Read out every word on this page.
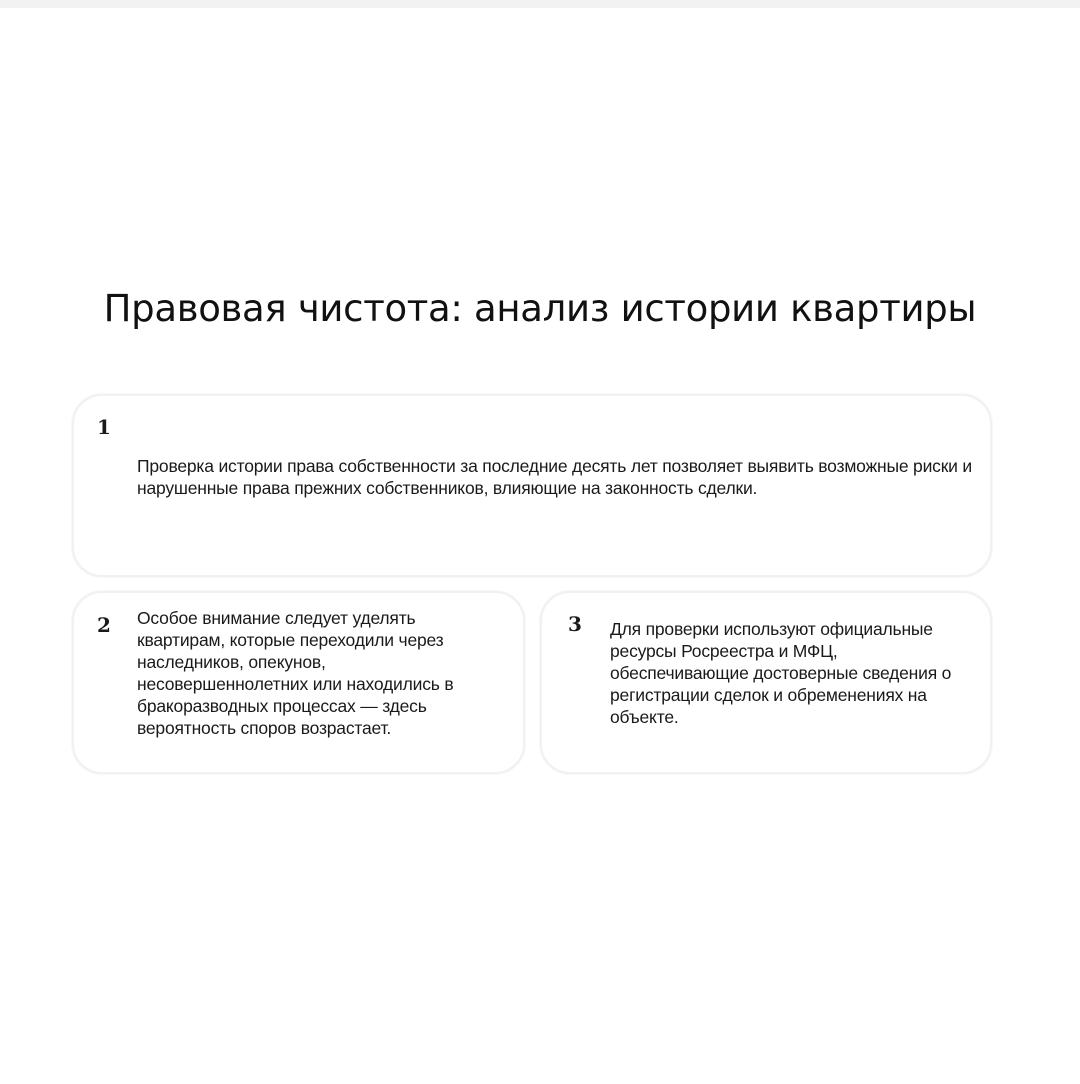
Правовая чистота: анализ истории квартиры
1
Проверка истории права собственности за последние десять лет позволяет выявить возможные риски и нарушенные права прежних собственников, влияющие на законность сделки.
2 Особое внимание следует уделять квартирам, которые переходили через наследников, опекунов, несовершеннолетних или находились в бракоразводных процессах — здесь вероятность споров возрастает.
3 Для проверки используют официальные ресурсы Росреестра и МФЦ, обеспечивающие достоверные сведения о регистрации сделок и обременениях на объекте.
